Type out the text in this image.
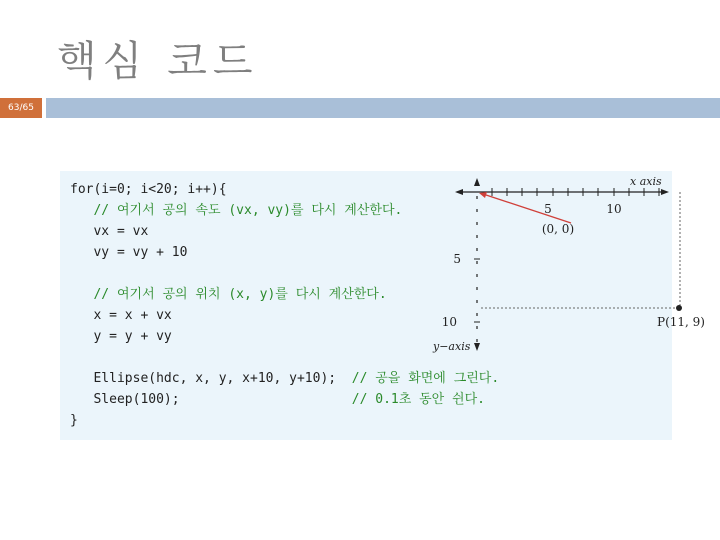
핵심 코드
63/65
for(i=0; i<20; i++){
// 여기서 공의 속도 (vx, vy)를 다시 계산한다.
vx = vx
vy = vy + 10
// 여기서 공의 위치 (x, y)를 다시 계산한다.
x = x + vx
y = y + vy
Ellipse(hdc, x, y, x+10, y+10);  // 공을 화면에 그린다.
Sleep(100);                      // 0.1초 동안 쉰다.
}
5	10
x axis
5
10
(0, 0)
P(11, 9)
y−axis
